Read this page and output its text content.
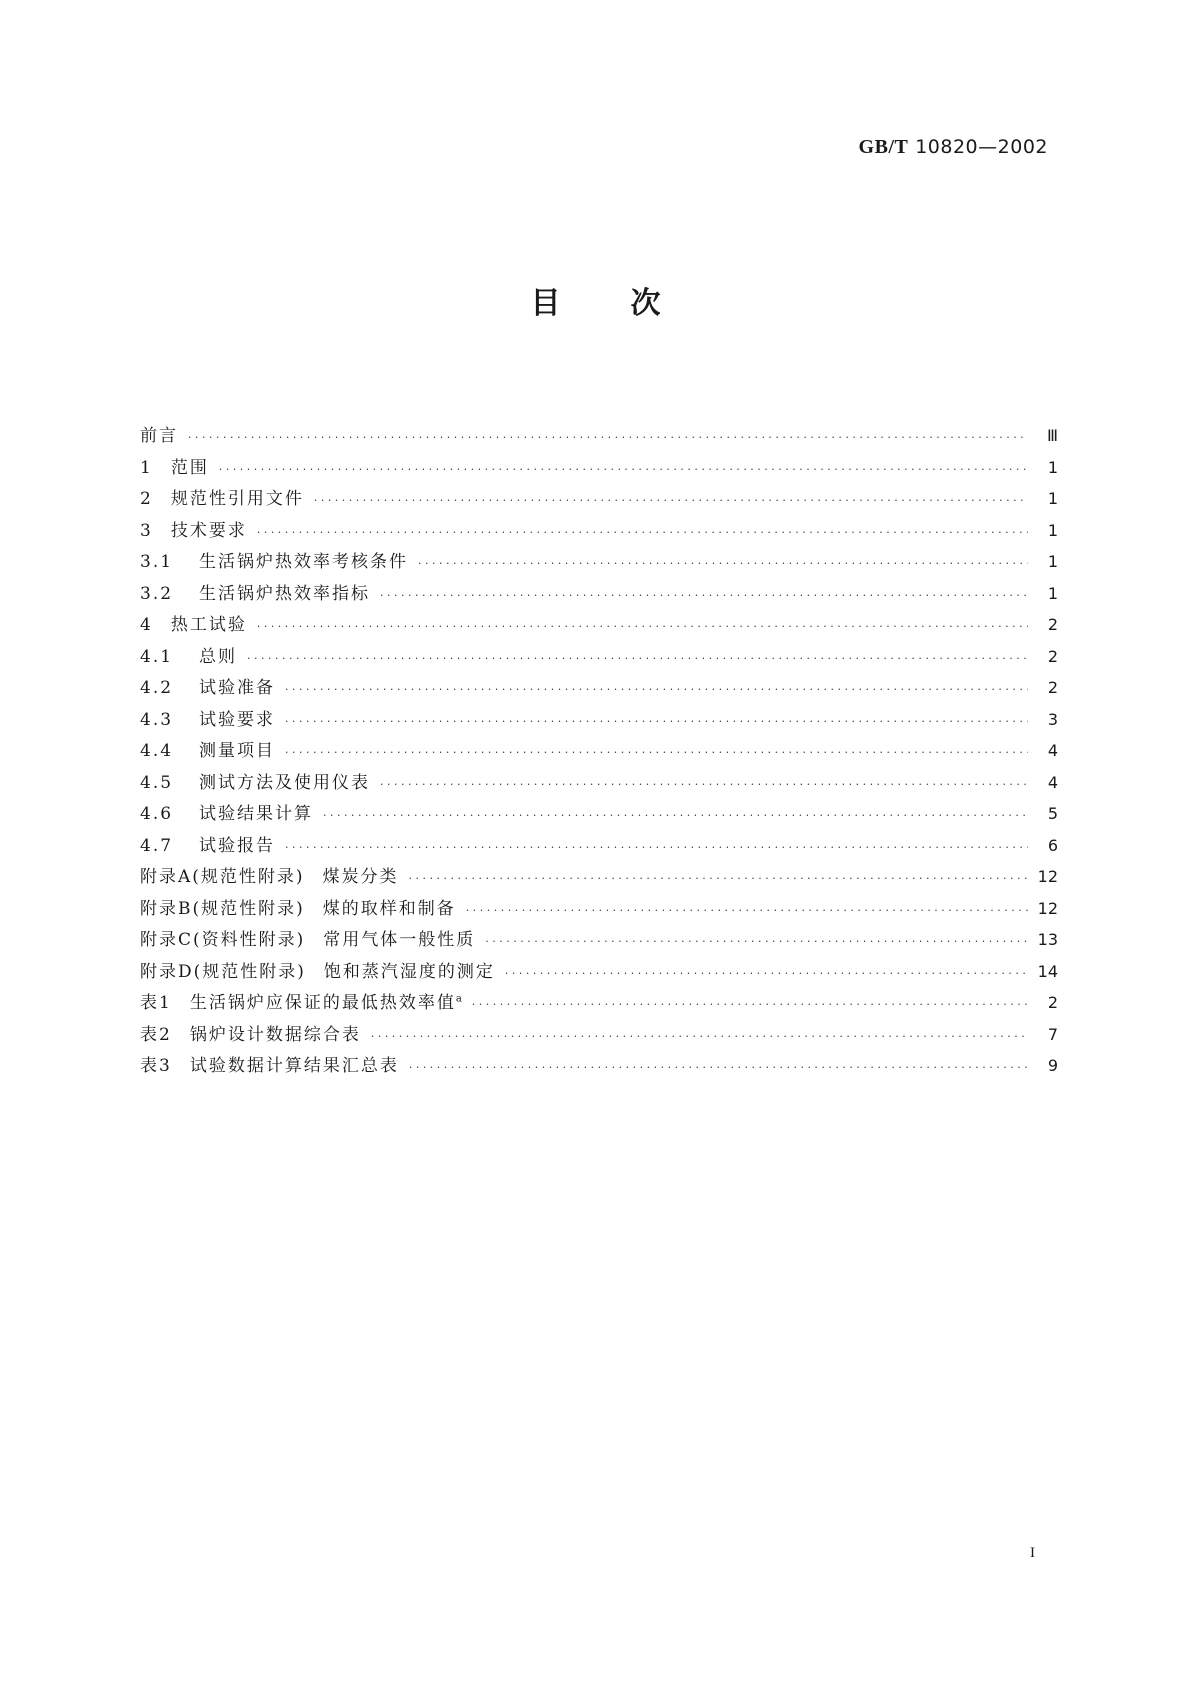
GB/T 10820—2002
目次
前言 · · ·	Ⅲ
1 范围 · · ·	1
2 规范性引用文件 · · ·	1
3 技术要求 · · ·	1
3.1 生活锅炉热效率考核条件 · · ·	1
3.2 生活锅炉热效率指标 · · ·	1
4 热工试验 · · ·	2
4.1 总则 · · ·	2
4.2 试验准备 · · ·	2
4.3 试验要求 · · ·	3
4.4 测量项目 · · ·	4
4.5 测试方法及使用仪表 · · ·	4
4.6 试验结果计算 · · ·	5
4.7 试验报告 · · ·	6
附录A(规范性附录) 煤炭分类 · · ·	12
附录B(规范性附录) 煤的取样和制备 · · ·	12
附录C(资料性附录) 常用气体一般性质 · · ·	13
附录D(规范性附录) 饱和蒸汽湿度的测定 · · ·	14
表1 生活锅炉应保证的最低热效率值$^a$ · · ·	2
表2 锅炉设计数据综合表 · · ·	7
表3 试验数据计算结果汇总表 · · ·	9
I
